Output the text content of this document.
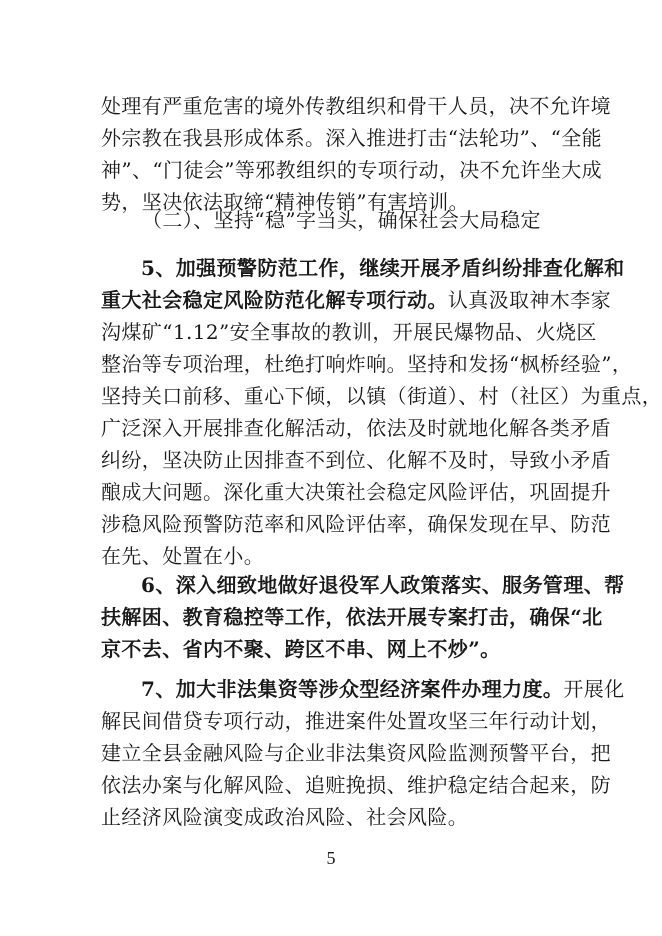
处理有严重危害的境外传教组织和骨干人员，决不允许境
外宗教在我县形成体系。深入推进打击“法轮功”、“全能
神”、“门徒会”等邪教组织的专项行动，决不允许坐大成
势，坚决依法取缔“精神传销”有害培训。
（二）、坚持“稳”字当头，确保社会大局稳定
5、加强预警防范工作，继续开展矛盾纠纷排查化解和
重大社会稳定风险防范化解专项行动。认真汲取神木李家
沟煤矿“1.12”安全事故的教训，开展民爆物品、火烧区
整治等专项治理，杜绝打响炸响。坚持和发扬“枫桥经验”，
坚持关口前移、重心下倾，以镇（街道）、村（社区）为重点，
广泛深入开展排查化解活动，依法及时就地化解各类矛盾
纠纷，坚决防止因排查不到位、化解不及时，导致小矛盾
酿成大问题。深化重大决策社会稳定风险评估，巩固提升
涉稳风险预警防范率和风险评估率，确保发现在早、防范
在先、处置在小。
6、深入细致地做好退役军人政策落实、服务管理、帮
扶解困、教育稳控等工作，依法开展专案打击，确保“北
京不去、省内不聚、跨区不串、网上不炒”。
7、加大非法集资等涉众型经济案件办理力度。开展化
解民间借贷专项行动，推进案件处置攻坚三年行动计划，
建立全县金融风险与企业非法集资风险监测预警平台，把
依法办案与化解风险、追赃挽损、维护稳定结合起来，防
止经济风险演变成政治风险、社会风险。
5
